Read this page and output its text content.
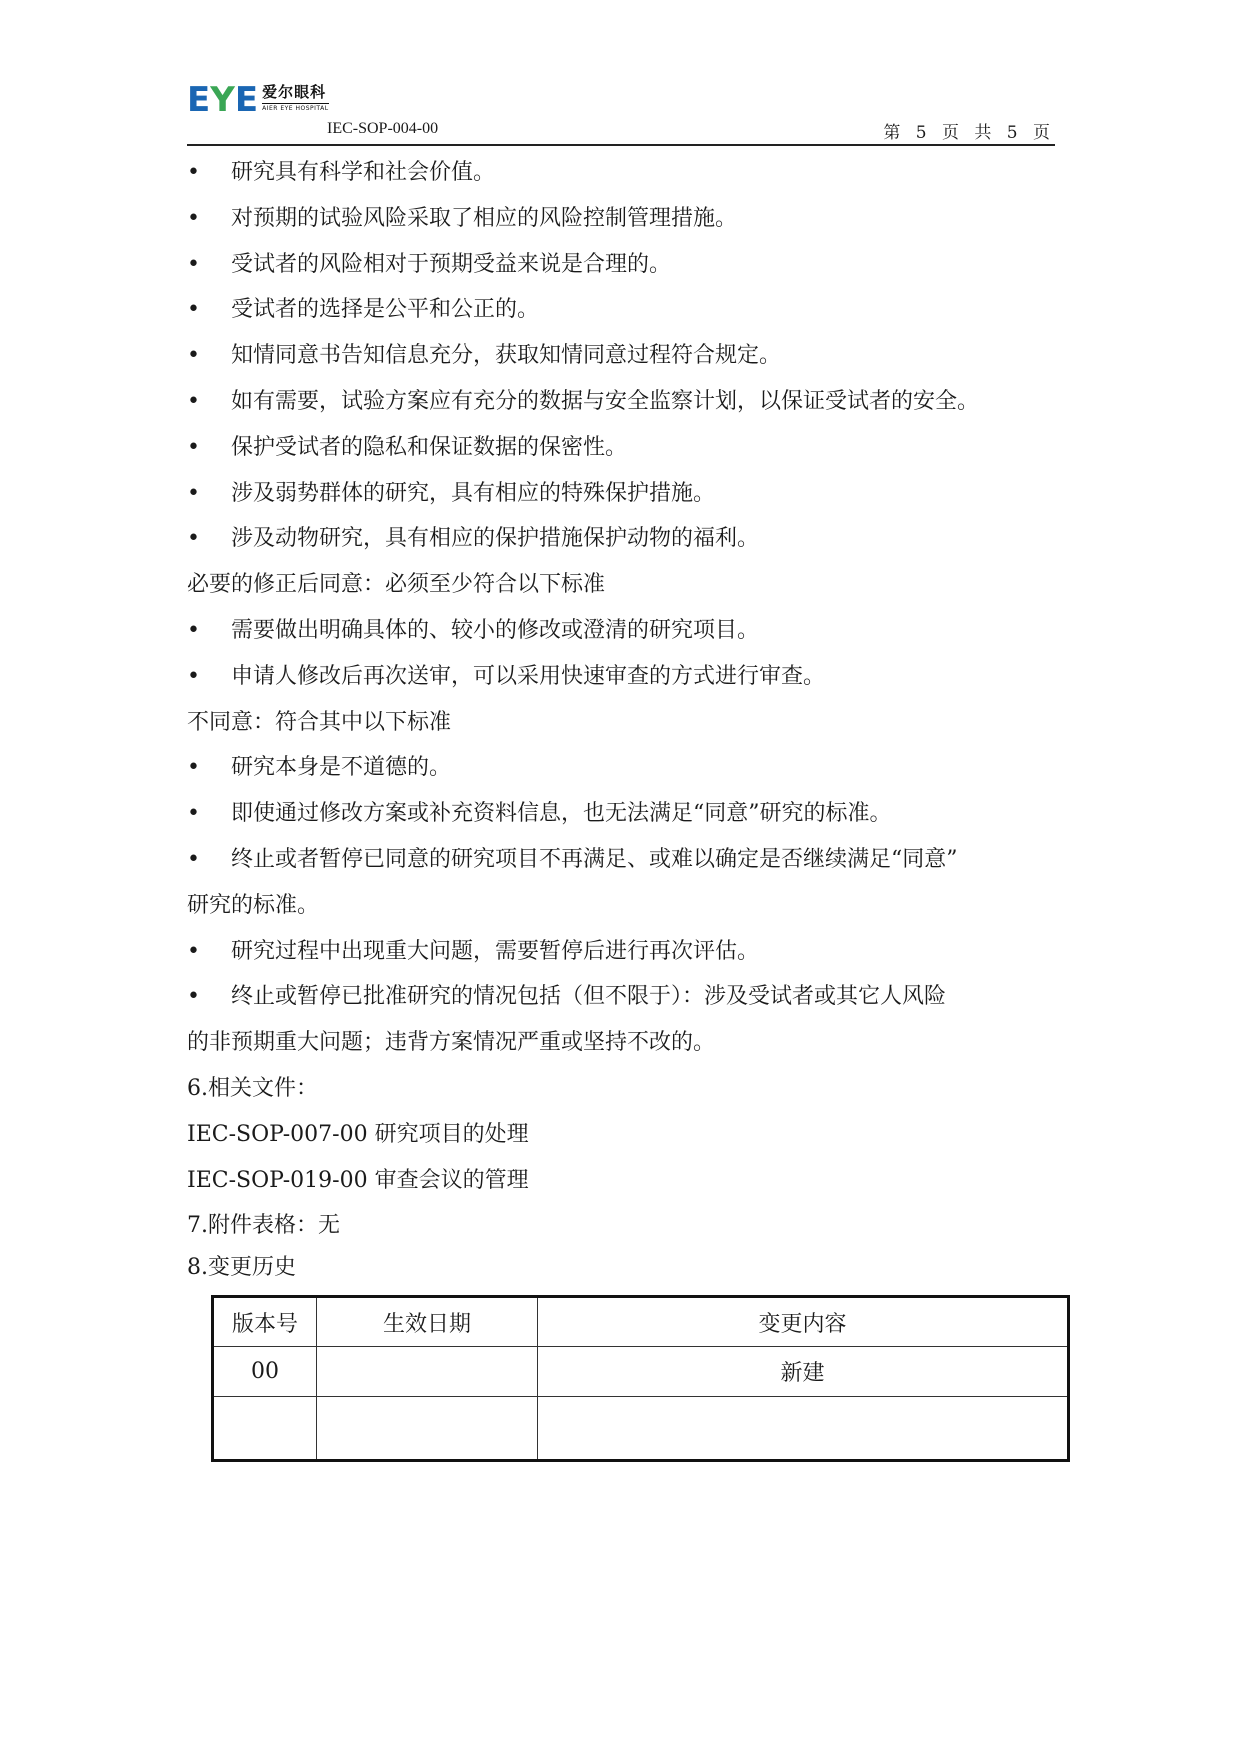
E Y E 爱尔眼科
AIER EYE HOSPITAL
IEC-SOP-004-00	第 5 页 共 5 页
•	研究具有科学和社会价值。
•	对预期的试验风险采取了相应的风险控制管理措施。
•	受试者的风险相对于预期受益来说是合理的。
•	受试者的选择是公平和公正的。
•	知情同意书告知信息充分，获取知情同意过程符合规定。
•	如有需要，试验方案应有充分的数据与安全监察计划，以保证受试者的安全。
•	保护受试者的隐私和保证数据的保密性。
•	涉及弱势群体的研究，具有相应的特殊保护措施。
•	涉及动物研究，具有相应的保护措施保护动物的福利。
必要的修正后同意：必须至少符合以下标准
•	需要做出明确具体的、较小的修改或澄清的研究项目。
•	申请人修改后再次送审，可以采用快速审查的方式进行审查。
不同意：符合其中以下标准
•	研究本身是不道德的。
•	即使通过修改方案或补充资料信息，也无法满足“同意”研究的标准。
•	终止或者暂停已同意的研究项目不再满足、或难以确定是否继续满足“同意”
研究的标准。
•	研究过程中出现重大问题，需要暂停后进行再次评估。
•	终止或暂停已批准研究的情况包括（但不限于）：涉及受试者或其它人风险
的非预期重大问题；违背方案情况严重或坚持不改的。
6.相关文件：
IEC-SOP-007-00 研究项目的处理
IEC-SOP-019-00 审查会议的管理
7.附件表格：无
8.变更历史
版本号	生效日期	变更内容
00		新建
